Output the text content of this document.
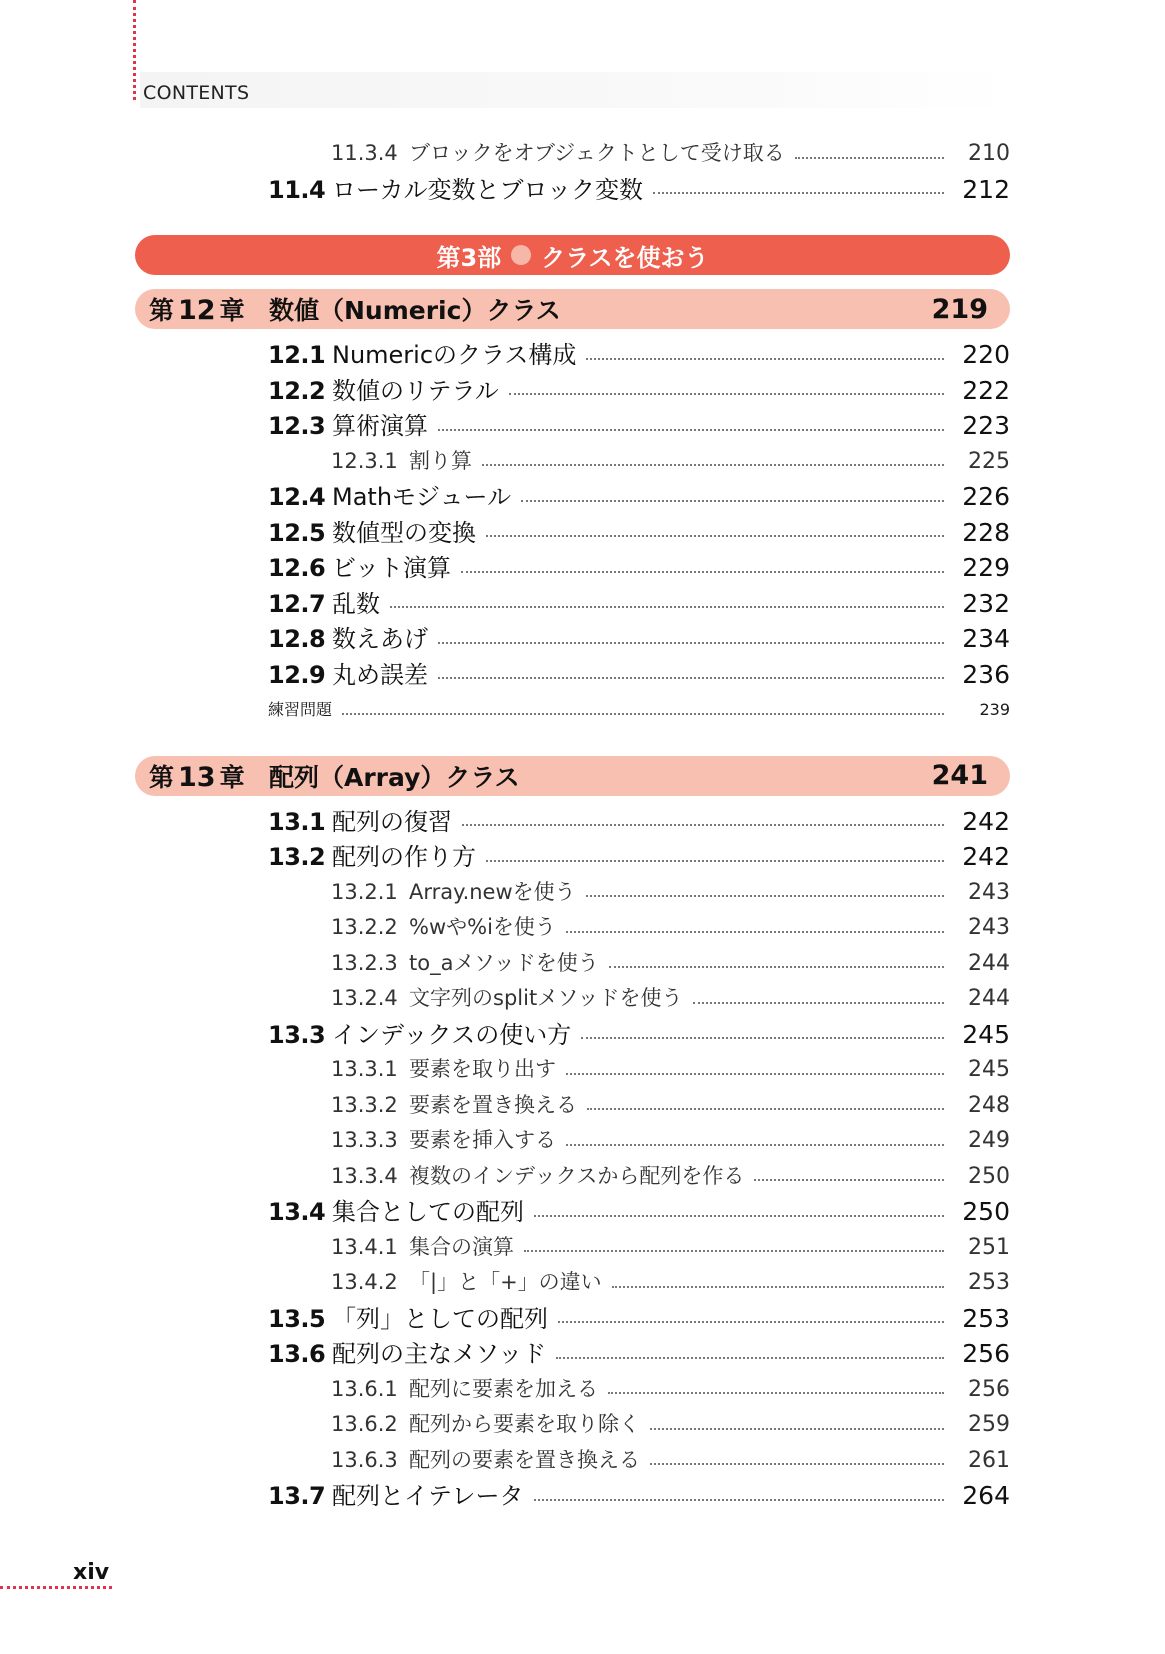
CONTENTS
11.3.4 ブロックをオブジェクトとして受け取る	210
11.4 ローカル変数とブロック変数	212
第3部 クラスを使おう
第 12 章 数値（Numeric）クラス	219
12.1 Numericのクラス構成	220
12.2 数値のリテラル	222
12.3 算術演算	223
12.3.1 割り算	225
12.4 Mathモジュール	226
12.5 数値型の変換	228
12.6 ビット演算	229
12.7 乱数	232
12.8 数えあげ	234
12.9 丸め誤差	236
練習問題	239
第 13 章 配列（Array）クラス	241
13.1 配列の復習	242
13.2 配列の作り方	242
13.2.1 Array.newを使う	243
13.2.2 %wや%iを使う	243
13.2.3 to_aメソッドを使う	244
13.2.4 文字列のsplitメソッドを使う	244
13.3 インデックスの使い方	245
13.3.1 要素を取り出す	245
13.3.2 要素を置き換える	248
13.3.3 要素を挿入する	249
13.3.4 複数のインデックスから配列を作る	250
13.4 集合としての配列	250
13.4.1 集合の演算	251
13.4.2 「|」と「+」の違い	253
13.5 「列」としての配列	253
13.6 配列の主なメソッド	256
13.6.1 配列に要素を加える	256
13.6.2 配列から要素を取り除く	259
13.6.3 配列の要素を置き換える	261
13.7 配列とイテレータ	264
xiv
